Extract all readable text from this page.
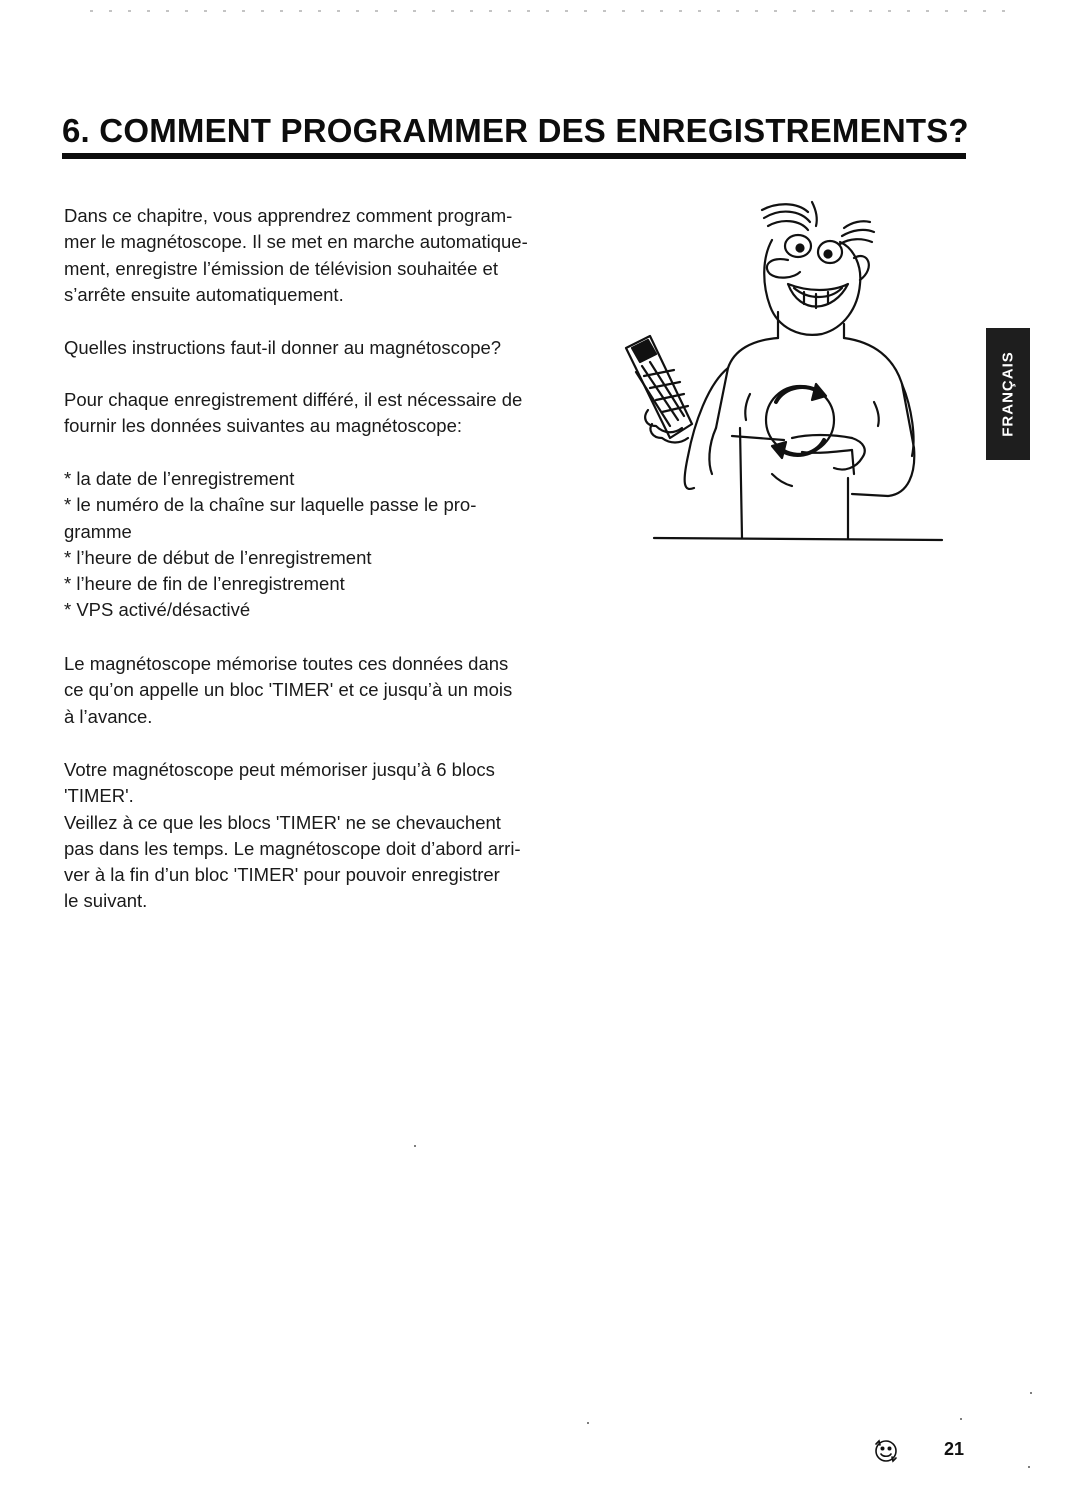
6. COMMENT PROGRAMMER DES ENREGISTREMENTS?

Dans ce chapitre, vous apprendrez comment program-
mer le magnétoscope. Il se met en marche automatique-
ment, enregistre l’émission de télévision souhaitée et
s’arrête ensuite automatiquement.

Quelles instructions faut-il donner au magnétoscope?

Pour chaque enregistrement différé, il est nécessaire de
fournir les données suivantes au magnétoscope:

* la date de l’enregistrement
* le numéro de la chaîne sur laquelle passe le pro-
gramme
* l’heure de début de l’enregistrement
* l’heure de fin de l’enregistrement
* VPS activé/désactivé

Le magnétoscope mémorise toutes ces données dans
ce qu’on appelle un bloc 'TIMER' et ce jusqu’à un mois
à l’avance.

Votre magnétoscope peut mémoriser jusqu’à 6 blocs
'TIMER'.
Veillez à ce que les blocs 'TIMER' ne se chevauchent
pas dans les temps. Le magnétoscope doit d’abord arri-
ver à la fin d’un bloc 'TIMER' pour pouvoir enregistrer
le suivant.

FRANÇAIS
21
